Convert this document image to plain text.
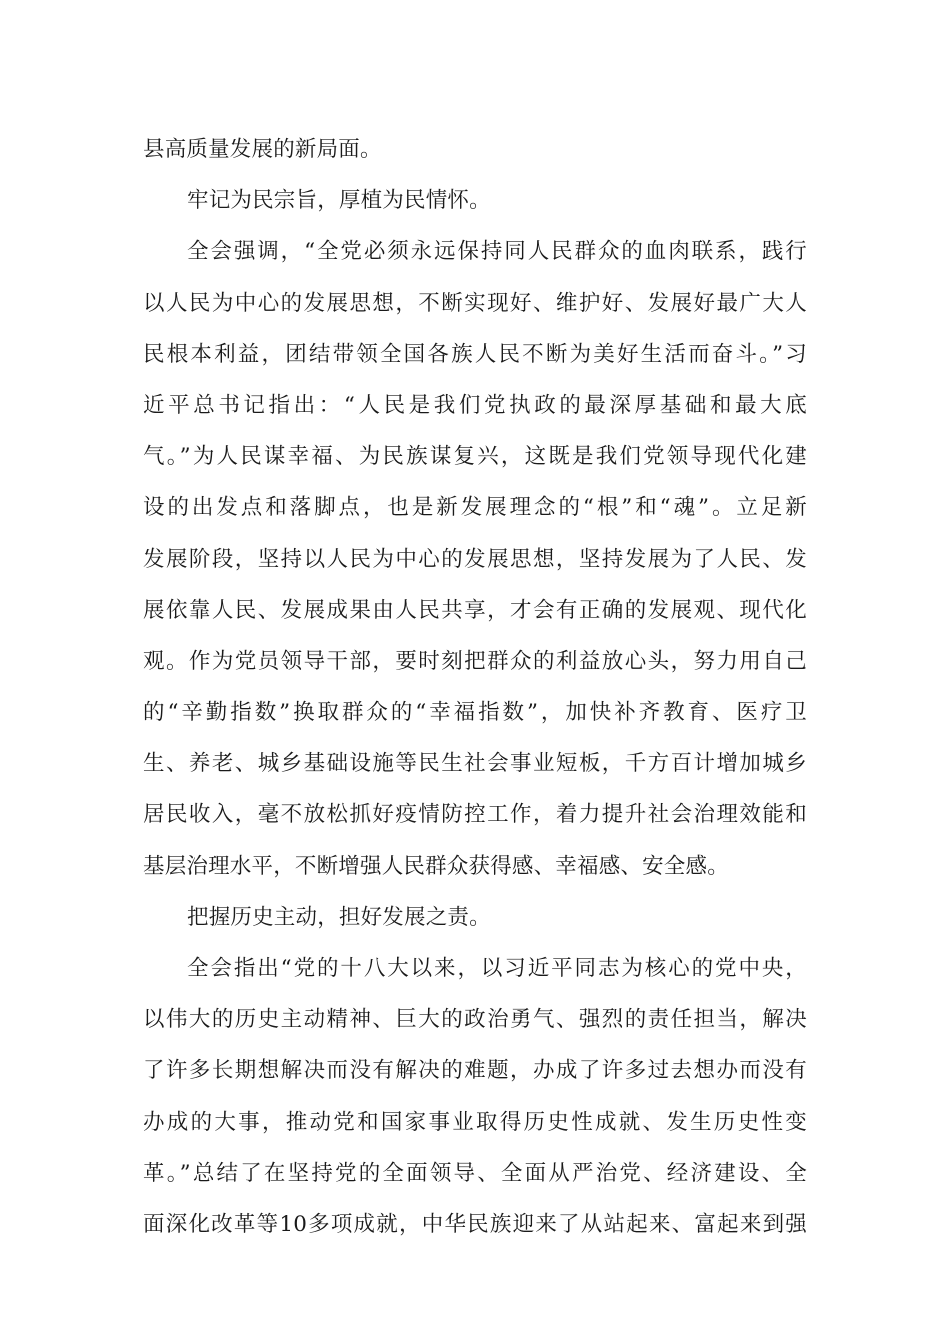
县高质量发展的新局面。
牢记为民宗旨，厚植为民情怀。
全会强调，“全党必须永远保持同人民群众的血肉联系，践行
以人民为中心的发展思想，不断实现好、维护好、发展好最广大人
民根本利益，团结带领全国各族人民不断为美好生活而奋斗。”习
近平总书记指出：“人民是我们党执政的最深厚基础和最大底
气。”为人民谋幸福、为民族谋复兴，这既是我们党领导现代化建
设的出发点和落脚点，也是新发展理念的“根”和“魂”。立足新
发展阶段，坚持以人民为中心的发展思想，坚持发展为了人民、发
展依靠人民、发展成果由人民共享，才会有正确的发展观、现代化
观。作为党员领导干部，要时刻把群众的利益放心头，努力用自己
的“辛勤指数”换取群众的“幸福指数”，加快补齐教育、医疗卫
生、养老、城乡基础设施等民生社会事业短板，千方百计增加城乡
居民收入，毫不放松抓好疫情防控工作，着力提升社会治理效能和
基层治理水平，不断增强人民群众获得感、幸福感、安全感。
把握历史主动，担好发展之责。
全会指出“党的十八大以来，以习近平同志为核心的党中央，
以伟大的历史主动精神、巨大的政治勇气、强烈的责任担当，解决
了许多长期想解决而没有解决的难题，办成了许多过去想办而没有
办成的大事，推动党和国家事业取得历史性成就、发生历史性变
革。”总结了在坚持党的全面领导、全面从严治党、经济建设、全
面深化改革等10多项成就，中华民族迎来了从站起来、富起来到强
